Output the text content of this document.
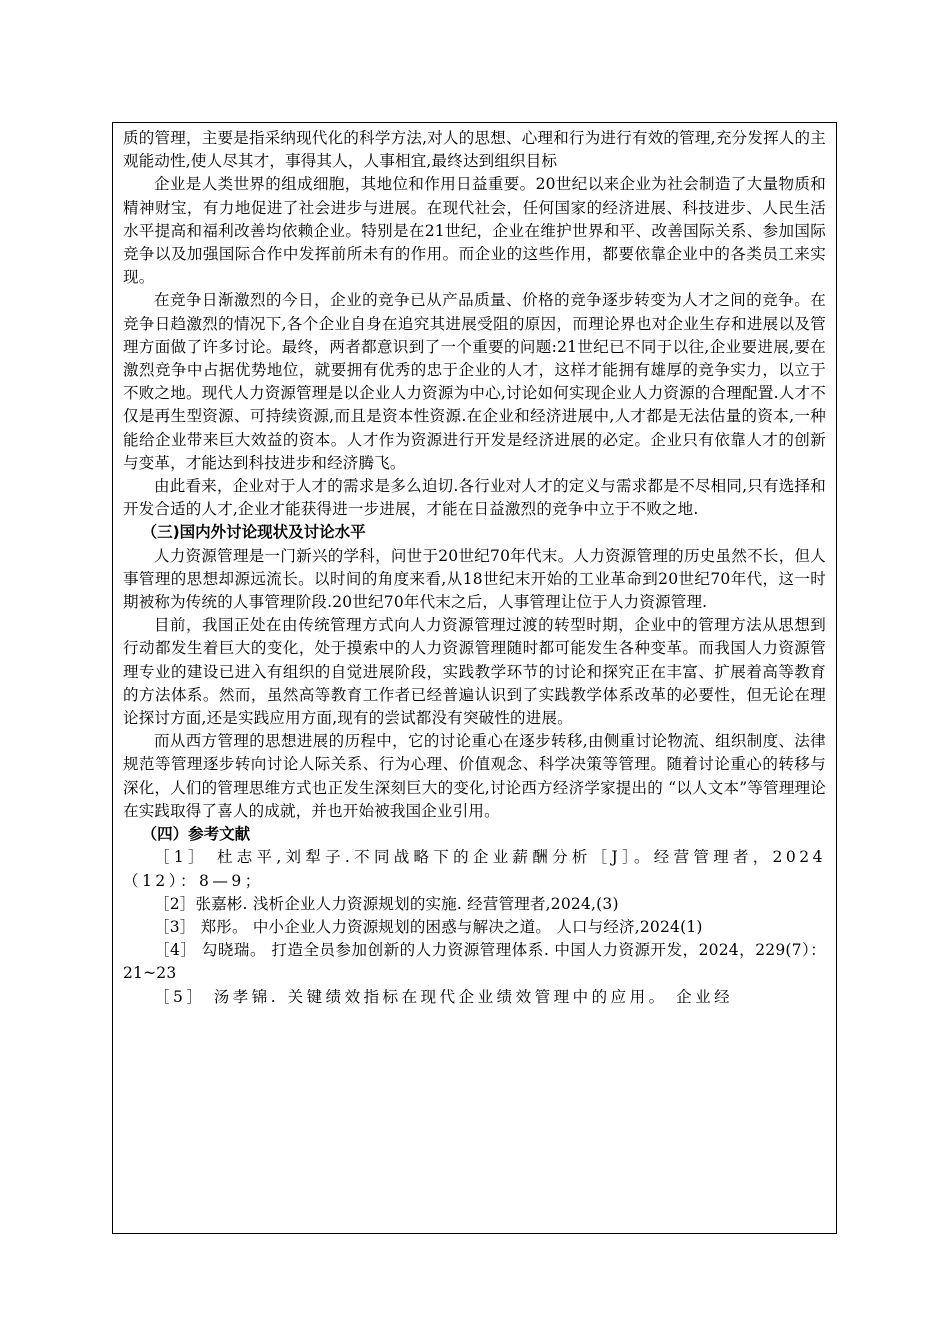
质的管理，主要是指采纳现代化的科学方法,对人的思想、心理和行为进行有效的管理,充分发挥人的主观能动性,使人尽其才，事得其人，人事相宜,最终达到组织目标

企业是人类世界的组成细胞，其地位和作用日益重要。20世纪以来企业为社会制造了大量物质和精神财宝，有力地促进了社会进步与进展。在现代社会，任何国家的经济进展、科技进步、人民生活水平提高和福利改善均依赖企业。特别是在21世纪，企业在维护世界和平、改善国际关系、参加国际竞争以及加强国际合作中发挥前所未有的作用。而企业的这些作用，都要依靠企业中的各类员工来实现。

在竞争日渐激烈的今日，企业的竞争已从产品质量、价格的竞争逐步转变为人才之间的竞争。在竞争日趋激烈的情况下,各个企业自身在追究其进展受阻的原因，而理论界也对企业生存和进展以及管理方面做了许多讨论。最终，两者都意识到了一个重要的问题:21世纪已不同于以往,企业要进展,要在激烈竞争中占据优势地位，就要拥有优秀的忠于企业的人才，这样才能拥有雄厚的竞争实力，以立于不败之地。现代人力资源管理是以企业人力资源为中心,讨论如何实现企业人力资源的合理配置.人才不仅是再生型资源、可持续资源,而且是资本性资源.在企业和经济进展中,人才都是无法估量的资本,一种能给企业带来巨大效益的资本。人才作为资源进行开发是经济进展的必定。企业只有依靠人才的创新与变革，才能达到科技进步和经济腾飞。

由此看来，企业对于人才的需求是多么迫切.各行业对人才的定义与需求都是不尽相同,只有选择和开发合适的人才,企业才能获得进一步进展，才能在日益激烈的竞争中立于不败之地.

（三)国内外讨论现状及讨论水平

人力资源管理是一门新兴的学科，问世于20世纪70年代末。人力资源管理的历史虽然不长，但人事管理的思想却源远流长。以时间的角度来看,从18世纪末开始的工业革命到20世纪70年代，这一时期被称为传统的人事管理阶段.20世纪70年代末之后，人事管理让位于人力资源管理.

目前，我国正处在由传统管理方式向人力资源管理过渡的转型时期，企业中的管理方法从思想到行动都发生着巨大的变化，处于摸索中的人力资源管理随时都可能发生各种变革。而我国人力资源管理专业的建设已进入有组织的自觉进展阶段，实践教学环节的讨论和探究正在丰富、扩展着高等教育的方法体系。然而，虽然高等教育工作者已经普遍认识到了实践教学体系改革的必要性，但无论在理论探讨方面,还是实践应用方面,现有的尝试都没有突破性的进展。

而从西方管理的思想进展的历程中，它的讨论重心在逐步转移,由侧重讨论物流、组织制度、法律规范等管理逐步转向讨论人际关系、行为心理、价值观念、科学决策等管理。随着讨论重心的转移与深化，人们的管理思维方式也正发生深刻巨大的变化,讨论西方经济学家提出的 “以人文本”等管理理论在实践取得了喜人的成就，并也开始被我国企业引用。

（四）参考文献

［1］ 杜志平,刘犁子.不同战略下的企业薪酬分析［J］。经营管理者，2024（12）：8—9；

［2］张嘉彬. 浅析企业人力资源规划的实施. 经营管理者,2024,(3)

［3］ 郑彤。 中小企业人力资源规划的困惑与解决之道。 人口与经济,2024(1)

［4］ 勾晓瑞。 打造全员参加创新的人力资源管理体系. 中国人力资源开发，2024，229(7）：21~23

［5］ 汤孝锦. 关键绩效指标在现代企业绩效管理中的应用。 企业经
